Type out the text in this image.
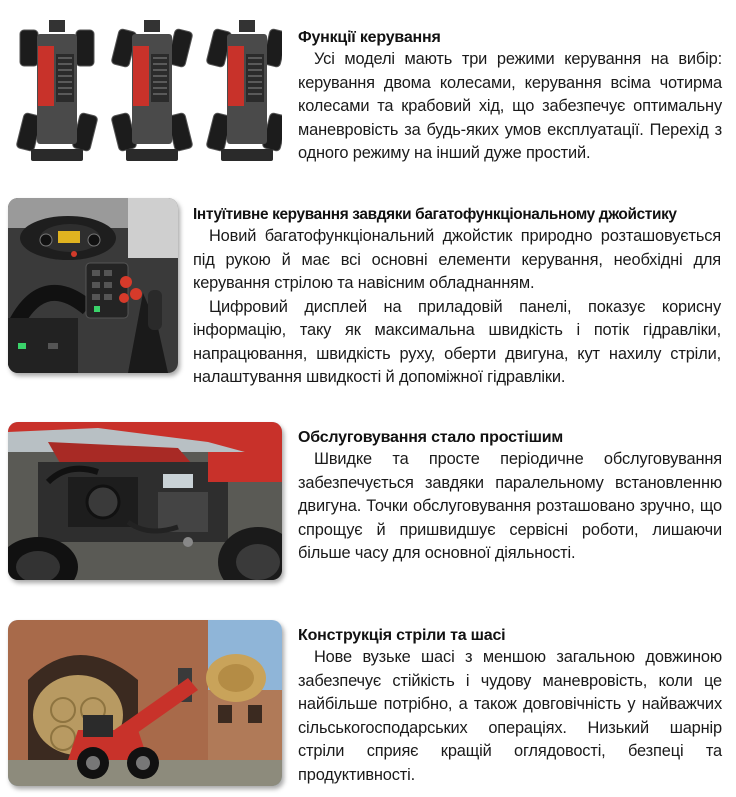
Функції керування

Усі моделі мають три режими керування на вибір: керування двома колесами, керування всіма чотирма колесами та крабовий хід, що забезпечує оптимальну маневровість за будь-яких умов експлуатації. Перехід з одного режиму на інший дуже простий.

Інтуїтивне керування завдяки багатофункціональному джойстику

Новий багатофункціональний джойстик природно розташовується під рукою й має всі основні елементи керування, необхідні для керування стрілою та навісним обладнанням.

Цифровий дисплей на приладовій панелі, показує корисну інформацію, таку як максимальна швидкість і потік гідравліки, напрацювання, швидкість руху, оберти двигуна, кут нахилу стріли, налаштування швидкості й допоміжної гідравліки.

Обслуговування стало простішим

Швидке та просте періодичне обслуговування забезпечується завдяки паралельному встановленню двигуна. Точки обслуговування розташовано зручно, що спрощує й пришвидшує сервісні роботи, лишаючи більше часу для основної діяльності.

Конструкція стріли та шасі

Нове вузьке шасі з меншою загальною довжиною забезпечує стійкість і чудову маневровість, коли це найбільше потрібно, а також довговічність у найважчих сільськогосподарських операціях. Низький шарнір стріли сприяє кращій оглядовості, безпеці та продуктивності.
